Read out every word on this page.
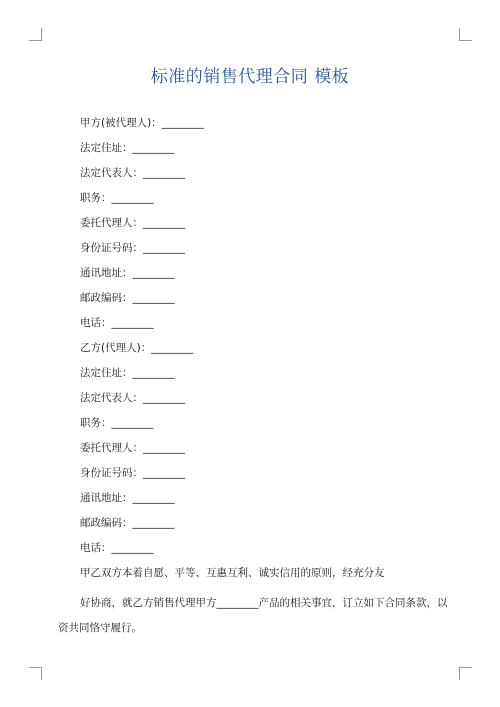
标准的销售代理合同 模板
甲方(被代理人)：________
法定住址：________
法定代表人：________
职务：________
委托代理人：________
身份证号码：________
通讯地址：________
邮政编码：________
电话：________
乙方(代理人)：________
法定住址：________
法定代表人：________
职务：________
委托代理人：________
身份证号码：________
通讯地址：________
邮政编码：________
电话：________
甲乙双方本着自愿、平等、互惠互利、诚实信用的原则，经充分友
好协商，就乙方销售代理甲方________产品的相关事宜，订立如下合同条款，以
资共同恪守履行。
